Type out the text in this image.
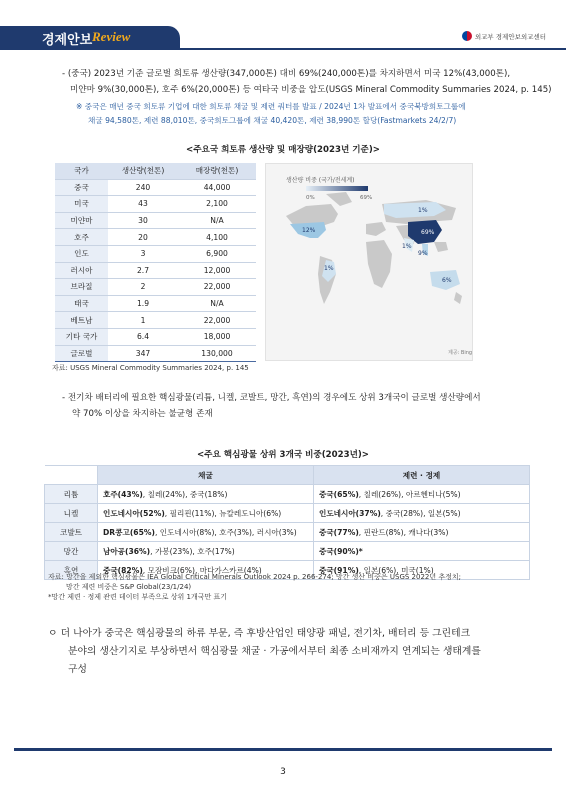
경제안보 Review	외교부 경제안보외교센터
- (중국) 2023년 기준 글로벌 희토류 생산량(347,000톤) 대비 69%(240,000톤)를 차지하면서 미국 12%(43,000톤),
미얀마 9%(30,000톤), 호주 6%(20,000톤) 등 여타국 비중을 압도(USGS Mineral Commodity Summaries 2024, p. 145)
※ 중국은 매년 중국 희토류 기업에 대한 희토류 채굴 및 제련 쿼터를 발표 / 2024년 1차 발표에서 중국북방희토그룹에
채굴 94,580톤, 제련 88,010톤, 중국희토그룹에 채굴 40,420톤, 제련 38,990톤 할당(Fastmarkets 24/2/7)
<주요국 희토류 생산량 및 매장량(2023년 기준)>
국가	생산량(천톤)	매장량(천톤)
중국	240	44,000
미국	43	2,100
미얀마	30	N/A
호주	20	4,100
인도	3	6,900
러시아	2.7	12,000
브라질	2	22,000
태국	1.9	N/A
베트남	1	22,000
기타 국가	6.4	18,000
글로벌	347	130,000
자료: USGS Mineral Commodity Summaries 2024, p. 145
생산량 비중 (국가/전세계)
0%	69%
12%	69%
9%
6%
1%
1%
1%
제공: Bing
- 전기차 배터리에 필요한 핵심광물(리튬, 니켈, 코발트, 망간, 흑연)의 경우에도 상위 3개국이 글로벌 생산량에서
약 70% 이상을 차지하는 불균형 존재
<주요 핵심광물 상위 3개국 비중(2023년)>
	채굴	제련 · 정제
리튬	호주(43%), 칠레(24%), 중국(18%)	중국(65%), 칠레(26%), 아르헨티나(5%)
니켈	인도네시아(52%), 필리핀(11%), 뉴칼레도니아(6%)	인도네시아(37%), 중국(28%), 일본(5%)
코발트	DR콩고(65%), 인도네시아(8%), 호주(3%), 러시아(3%)	중국(77%), 핀란드(8%), 캐나다(3%)
망간	남아공(36%), 가봉(23%), 호주(17%)	중국(90%)*
흑연	중국(82%), 모잠비크(6%), 마다가스카르(4%)	중국(91%), 일본(6%), 미국(1%)
자료: 망간을 제외한 핵심광물은 IEA Global Critical Minerals Outlook 2024 p. 266-274; 망간 생산 비중은 USGS 2022년 추정치;
망간 제련 비중은 S&P Global(23/1/24)
*망간 제련 · 정제 관련 데이터 부족으로 상위 1개국만 표기
ㅇ 더 나아가 중국은 핵심광물의 하류 부문, 즉 후방산업인 태양광 패널, 전기차, 배터리 등 그린테크
분야의 생산기지로 부상하면서 핵심광물 채굴 · 가공에서부터 최종 소비재까지 연계되는 생태계를
구성
3
